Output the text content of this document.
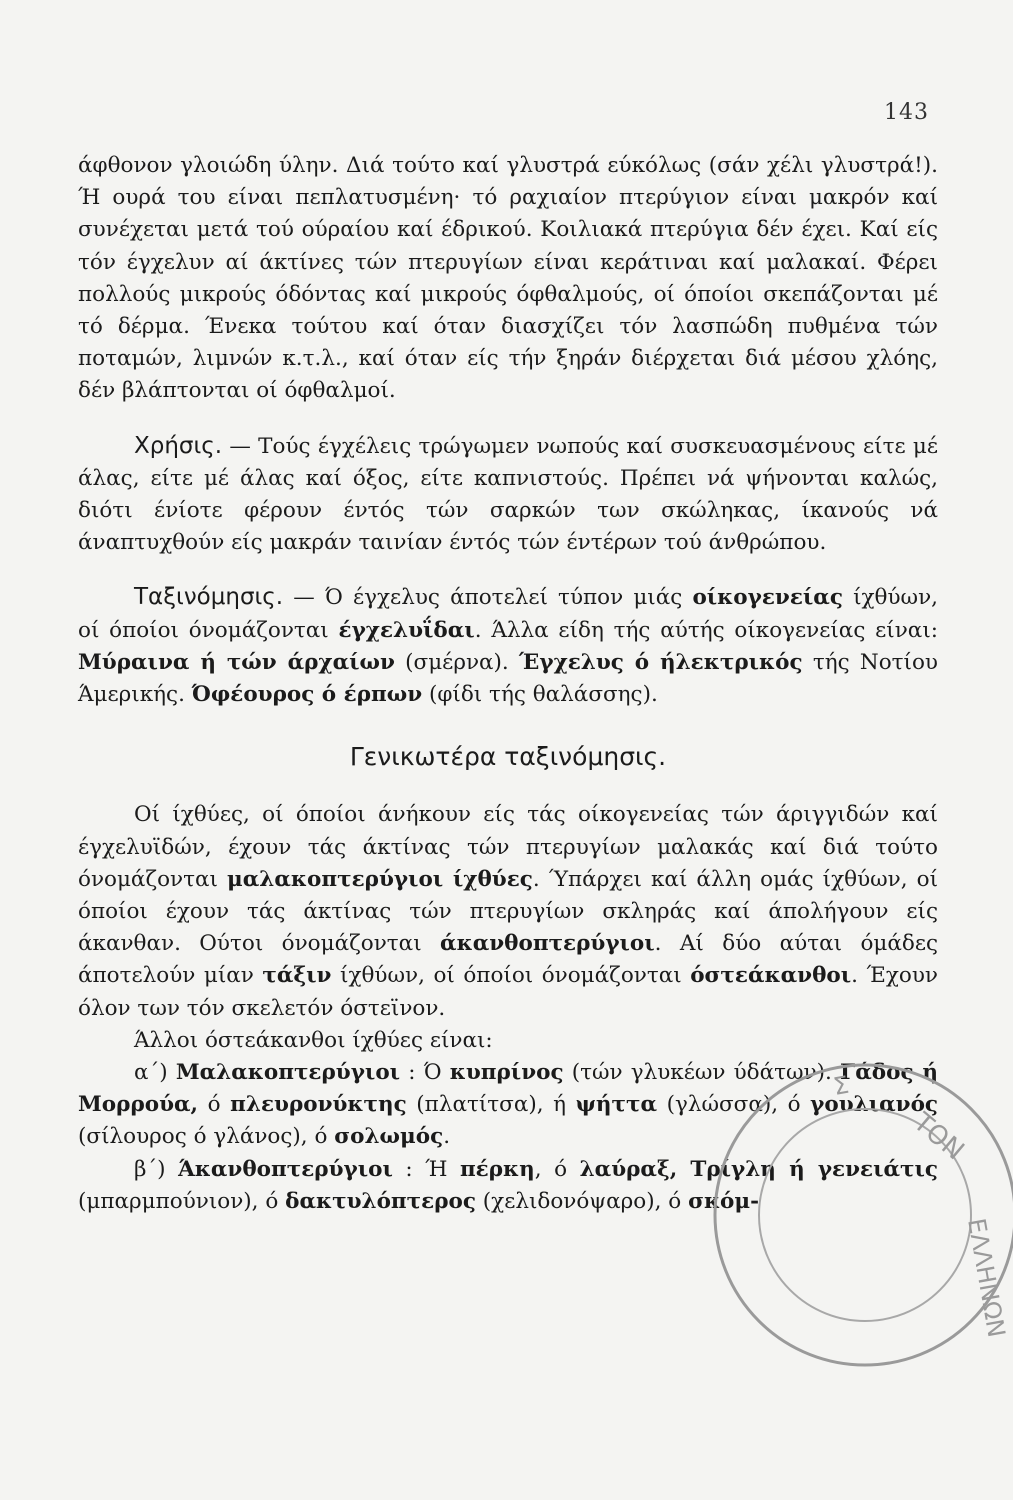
143

άφθονον γλοιώδη ύλην. Διά τούτο καί γλυστρά εύκόλως (σάν χέλι γλυστρά!). Ή ουρά του είναι πεπλατυσμένη· τό ραχιαίον πτερύγιον είναι μακρόν καί συνέχεται μετά τού ούραίου καί έδρικού. Κοιλιακά πτερύγια δέν έχει. Καί είς τόν έγχελυν αί άκτίνες τών πτερυγίων είναι κεράτιναι καί μαλακαί. Φέρει πολλούς μικρούς όδόντας καί μικρούς όφθαλμούς, οί όποίοι σκεπάζονται μέ τό δέρμα. Ένεκα τούτου καί όταν διασχίζει τόν λασπώδη πυθμένα τών ποταμών, λιμνών κ.τ.λ., καί όταν είς τήν ξηράν διέρχεται διά μέσου χλόης, δέν βλάπτονται οί όφθαλμοί.

Χρήσις. — Τούς έγχέλεις τρώγωμεν νωπούς καί συσκευασμένους είτε μέ άλας, είτε μέ άλας καί όξος, είτε καπνιστούς. Πρέπει νά ψήνονται καλώς, διότι ένίοτε φέρουν έντός τών σαρκών των σκώληκας, ίκανούς νά άναπτυχθούν είς μακράν ταινίαν έντός τών έντέρων τού άνθρώπου.

Ταξινόμησις. — Ό έγχελυς άποτελεί τύπον μιάς οίκογενείας ίχθύων, οί όποίοι όνομάζονται έγχελυΐδαι. Άλλα είδη τής αύτής οίκογενείας είναι: Μύραινα ή τών άρχαίων (σμέρνα). Έγχελυς ό ήλεκτρικός τής Νοτίου Άμερικής. Όφέουρος ό έρπων (φίδι τής θαλάσσης).

Γενικωτέρα ταξινόμησις.

Οί ίχθύες, οί όποίοι άνήκουν είς τάς οίκογενείας τών άριγγιδών καί έγχελυϊδών, έχουν τάς άκτίνας τών πτερυγίων μαλακάς καί διά τούτο όνομάζονται μαλακοπτερύγιοι ίχθύες. Ύπάρχει καί άλλη ομάς ίχθύων, οί όποίοι έχουν τάς άκτίνας τών πτερυγίων σκληράς καί άπολήγουν είς άκανθαν. Ούτοι όνομάζονται άκανθοπτερύγιοι. Αί δύο αύται όμάδες άποτελούν μίαν τάξιν ίχθύων, οί όποίοι όνομάζονται όστεάκανθοι. Έχουν όλον των τόν σκελετόν όστεϊνον.

Άλλοι όστεάκανθοι ίχθύες είναι:

α΄) Μαλακοπτερύγιοι : Ό κυπρίνος (τών γλυκέων ύδάτων). Γάδος ή Μορρούα, ό πλευρονύκτης (πλατίτσα), ή ψήττα (γλώσσα), ό γουλιανός (σίλουρος ό γλάνος), ό σολωμός.

β΄) Άκανθοπτερύγιοι : Ή πέρκη, ό λαύραξ, Τρίγλη ή γενειάτις (μπαρμπούνιον), ό δακτυλόπτερος (χελιδονόψαρο), ό σκόμ-

ΤΟΝ
ΕΛΛΗΝΩΝ
Σ
